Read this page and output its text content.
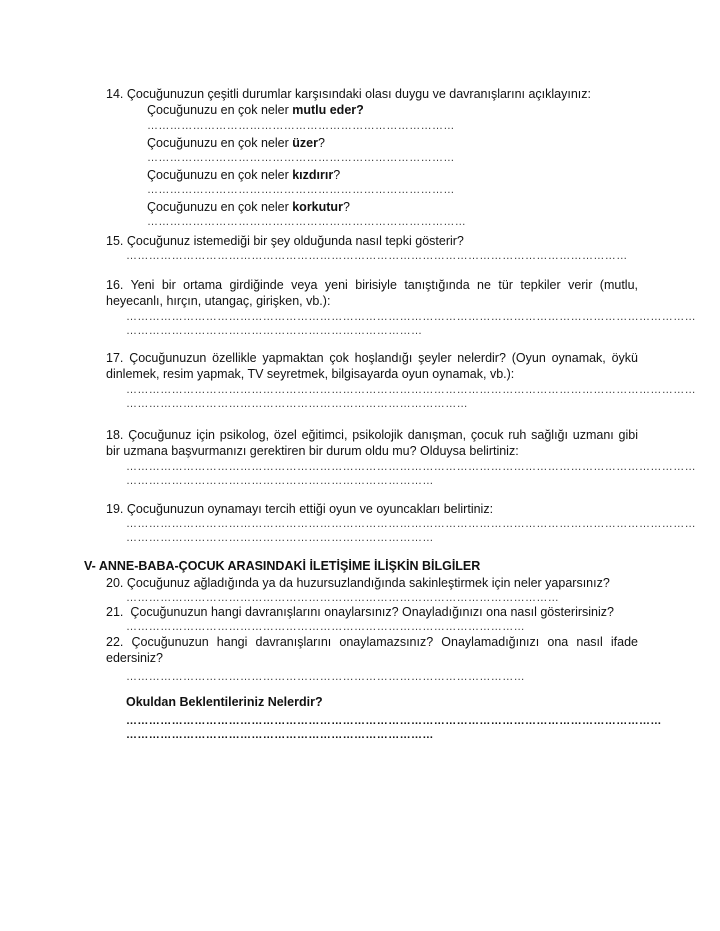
14. Çocuğunuzun çeşitli durumlar karşısındaki olası duygu ve davranışlarını açıklayınız:
Çocuğunuzu en çok neler mutlu eder?
………………………………………………………………………
Çocuğunuzu en çok neler üzer?
………………………………………………………………………
Çocuğunuzu en çok neler kızdırır?
………………………………………………………………………
Çocuğunuzu en çok neler korkutur?
…………………………………………………………………………
15. Çocuğunuz istemediği bir şey olduğunda nasıl tepki gösterir?
……………………………………………………………………………………………………………………
16. Yeni bir ortama girdiğinde veya yeni birisiyle tanıştığında ne tür tepkiler verir (mutlu, heyecanlı, hırçın, utangaç, girişken, vb.):
……………………………………………………………………………………………………………………………………
……………………………………………………………………
17. Çocuğunuzun özellikle yapmaktan çok hoşlandığı şeyler nelerdir? (Oyun oynamak, öykü dinlemek, resim yapmak, TV seyretmek, bilgisayarda oyun oynamak, vb.):
……………………………………………………………………………………………………………………………………
………………………………………………………………………………
18. Çocuğunuz için psikolog, özel eğitimci, psikolojik danışman, çocuk ruh sağlığı uzmanı gibi bir uzmana başvurmanızı gerektiren bir durum oldu mu? Olduysa belirtiniz:
……………………………………………………………………………………………………………………………………
………………………………………………………………………
19. Çocuğunuzun oynamayı tercih ettiği oyun ve oyuncakları belirtiniz:
……………………………………………………………………………………………………………………………………
………………………………………………………………………
V- ANNE-BABA-ÇOCUK ARASINDAKİ İLETİŞİME İLİŞKİN BİLGİLER
20. Çocuğunuz ağladığında ya da huzursuzlandığında sakinleştirmek için neler yaparsınız?
……………………………………………………………………………………………………
21. Çocuğunuzun hangi davranışlarını onaylarsınız? Onayladığınızı ona nasıl gösterirsiniz?
……………………………………………………………………………………………
22. Çocuğunuzun hangi davranışlarını onaylamazsınız? Onaylamadığınızı ona nasıl ifade edersiniz?
……………………………………………………………………………………………
Okuldan Beklentileriniz Nelerdir?
……………………………………………………………………………………………………………………………
………………………………………………………………………
